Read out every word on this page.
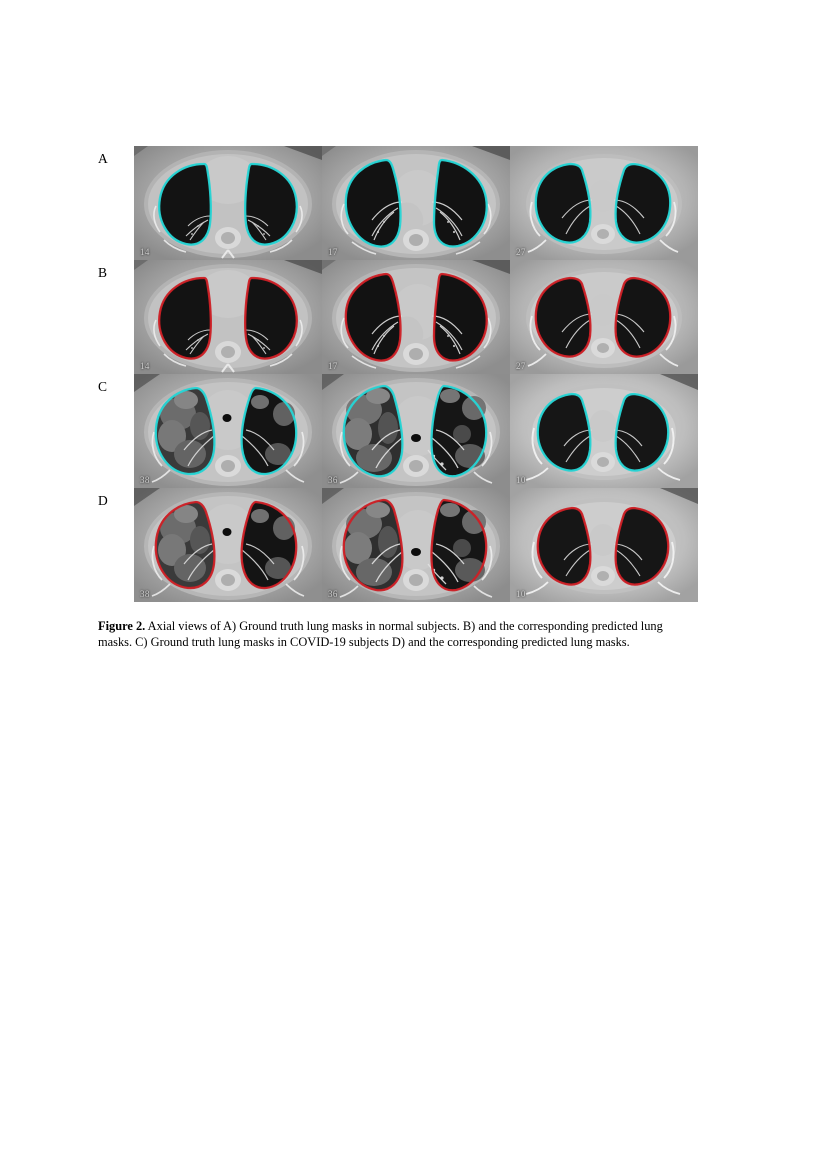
A
14	17	27
B
14	17	27
C
38	36	10
D
38	36	10
Figure 2. Axial views of A) Ground truth lung masks in normal subjects. B) and the corresponding predicted lung masks. C) Ground truth lung masks in COVID-19 subjects D) and the corresponding predicted lung masks.
